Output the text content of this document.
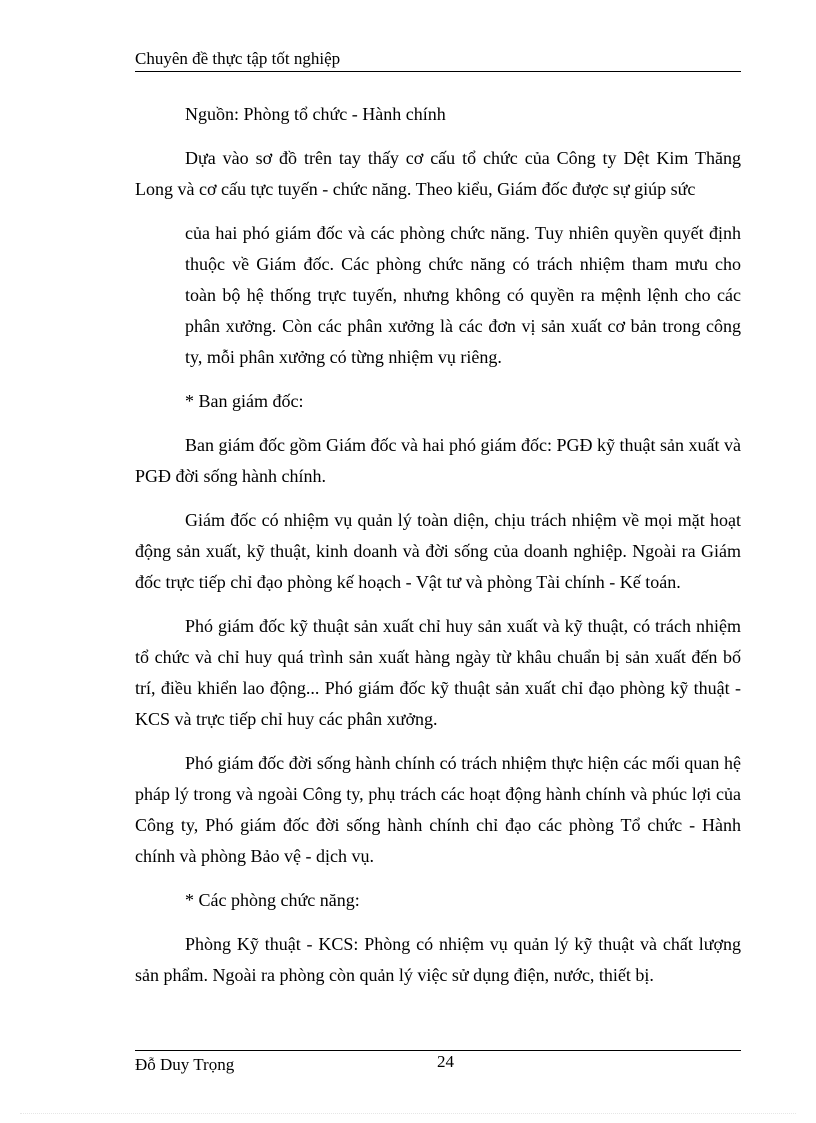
Chuyên đề thực tập tốt nghiệp

Nguồn: Phòng tổ chức - Hành chính

Dựa vào sơ đồ trên tay thấy cơ cấu tổ chức của Công ty Dệt Kim Thăng Long và cơ cấu tực tuyến - chức năng. Theo kiểu, Giám đốc được sự giúp sức

của hai phó giám đốc và các phòng chức năng. Tuy nhiên quyền quyết định thuộc về Giám đốc. Các phòng chức năng có trách nhiệm tham mưu cho toàn bộ hệ thống trực tuyến, nhưng không có quyền ra mệnh lệnh cho các phân xưởng. Còn các phân xưởng là các đơn vị sản xuất cơ bản trong công ty, mỗi phân xưởng có từng nhiệm vụ riêng.

* Ban giám đốc:

Ban giám đốc gồm Giám đốc và hai phó giám đốc: PGĐ kỹ thuật sản xuất và PGĐ đời sống hành chính.

Giám đốc có nhiệm vụ quản lý toàn diện, chịu trách nhiệm về mọi mặt hoạt động sản xuất, kỹ thuật, kinh doanh và đời sống của doanh nghiệp. Ngoài ra Giám đốc trực tiếp chỉ đạo phòng kế hoạch - Vật tư và phòng Tài chính - Kế toán.

Phó giám đốc kỹ thuật sản xuất chỉ huy sản xuất và kỹ thuật, có trách nhiệm tổ chức và chỉ huy quá trình sản xuất hàng ngày từ khâu chuẩn bị sản xuất đến bố trí, điều khiển lao động... Phó giám đốc kỹ thuật sản xuất chỉ đạo phòng kỹ thuật - KCS và trực tiếp chỉ huy các phân xưởng.

Phó giám đốc đời sống hành chính có trách nhiệm thực hiện các mối quan hệ pháp lý trong và ngoài Công ty, phụ trách các hoạt động hành chính và phúc lợi của Công ty, Phó giám đốc đời sống hành chính chỉ đạo các phòng Tổ chức - Hành chính và phòng Bảo vệ - dịch vụ.

* Các phòng chức năng:

Phòng Kỹ thuật - KCS: Phòng có nhiệm vụ quản lý kỹ thuật và chất lượng sản phẩm. Ngoài ra phòng còn quản lý việc sử dụng điện, nước, thiết bị.

Đỗ Duy Trọng	24
